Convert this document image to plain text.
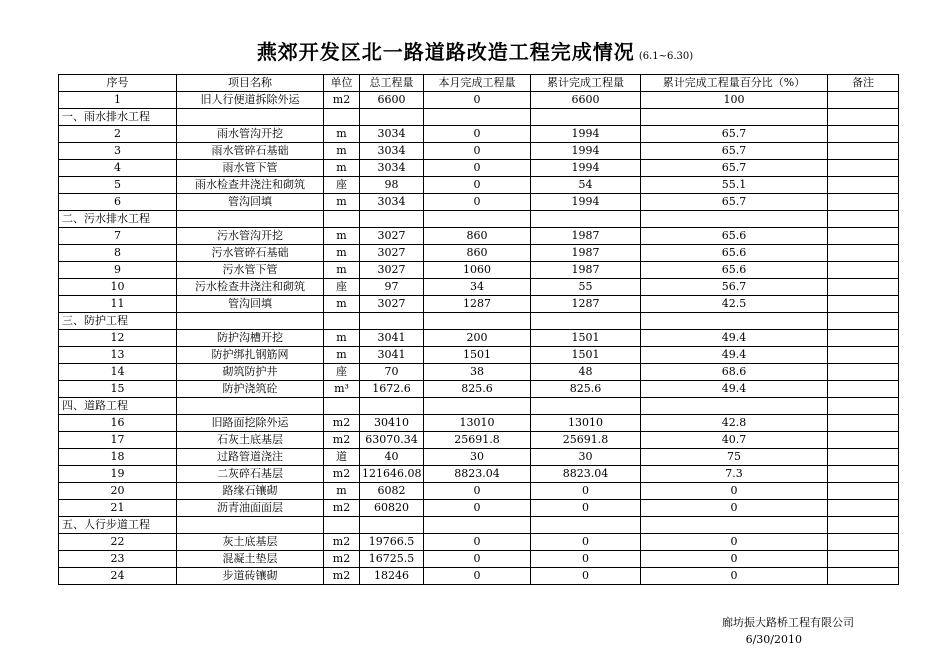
燕郊开发区北一路道路改造工程完成情况 (6.1~6.30)
序号	项目名称	单位	总工程量	本月完成工程量	累计完成工程量	累计完成工程量百分比（%）	备注
1	旧人行便道拆除外运	m2	6600	0	6600	100	
一、雨水排水工程							
2	雨水管沟开挖	m	3034	0	1994	65.7	
3	雨水管碎石基础	m	3034	0	1994	65.7	
4	雨水管下管	m	3034	0	1994	65.7	
5	雨水检查井浇注和砌筑	座	98	0	54	55.1	
6	管沟回填	m	3034	0	1994	65.7	
二、污水排水工程							
7	污水管沟开挖	m	3027	860	1987	65.6	
8	污水管碎石基础	m	3027	860	1987	65.6	
9	污水管下管	m	3027	1060	1987	65.6	
10	污水检查井浇注和砌筑	座	97	34	55	56.7	
11	管沟回填	m	3027	1287	1287	42.5	
三、防护工程							
12	防护沟槽开挖	m	3041	200	1501	49.4	
13	防护绑扎钢筋网	m	3041	1501	1501	49.4	
14	砌筑防护井	座	70	38	48	68.6	
15	防护浇筑砼	m³	1672.6	825.6	825.6	49.4	
四、道路工程							
16	旧路面挖除外运	m2	30410	13010	13010	42.8	
17	石灰土底基层	m2	63070.34	25691.8	25691.8	40.7	
18	过路管道浇注	道	40	30	30	75	
19	二灰碎石基层	m2	121646.08	8823.04	8823.04	7.3	
20	路缘石镶砌	m	6082	0	0	0	
21	沥青油面面层	m2	60820	0	0	0	
五、人行步道工程							
22	灰土底基层	m2	19766.5	0	0	0	
23	混凝土垫层	m2	16725.5	0	0	0	
24	步道砖镶砌	m2	18246	0	0	0	
廊坊振大路桥工程有限公司
6/30/2010
